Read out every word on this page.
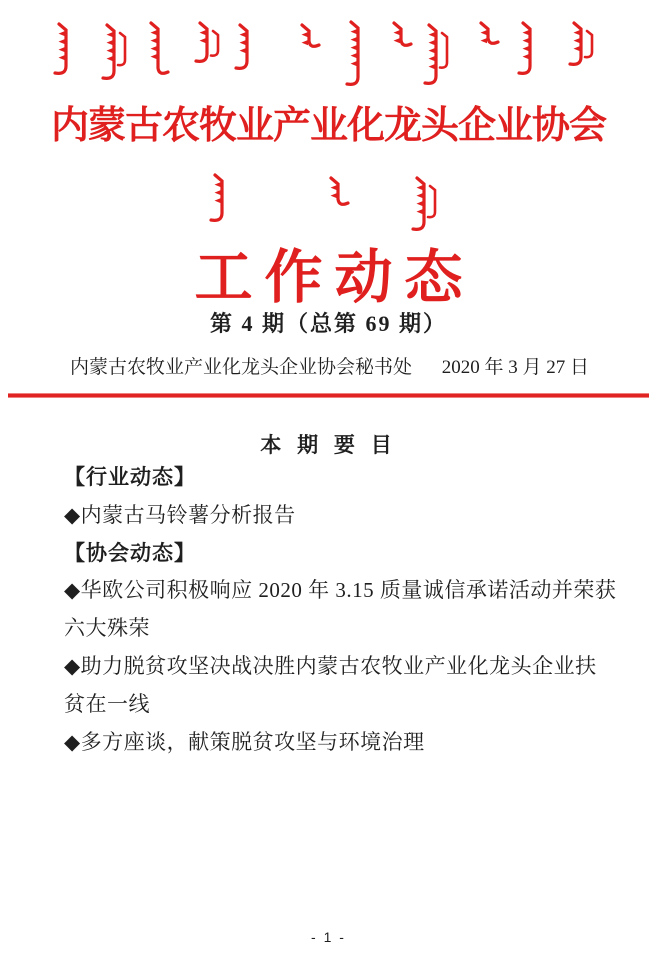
内蒙古农牧业产业化龙头企业协会
工作动态
第 4 期（总第 69 期）
内蒙古农牧业产业化龙头企业协会秘书处 2020 年 3 月 27 日
本 期 要 目
【行业动态】
◆内蒙古马铃薯分析报告
【协会动态】
◆华欧公司积极响应 2020 年 3.15 质量诚信承诺活动并荣获
六大殊荣
◆助力脱贫攻坚决战决胜内蒙古农牧业产业化龙头企业扶
贫在一线
◆多方座谈，献策脱贫攻坚与环境治理
- 1 -
